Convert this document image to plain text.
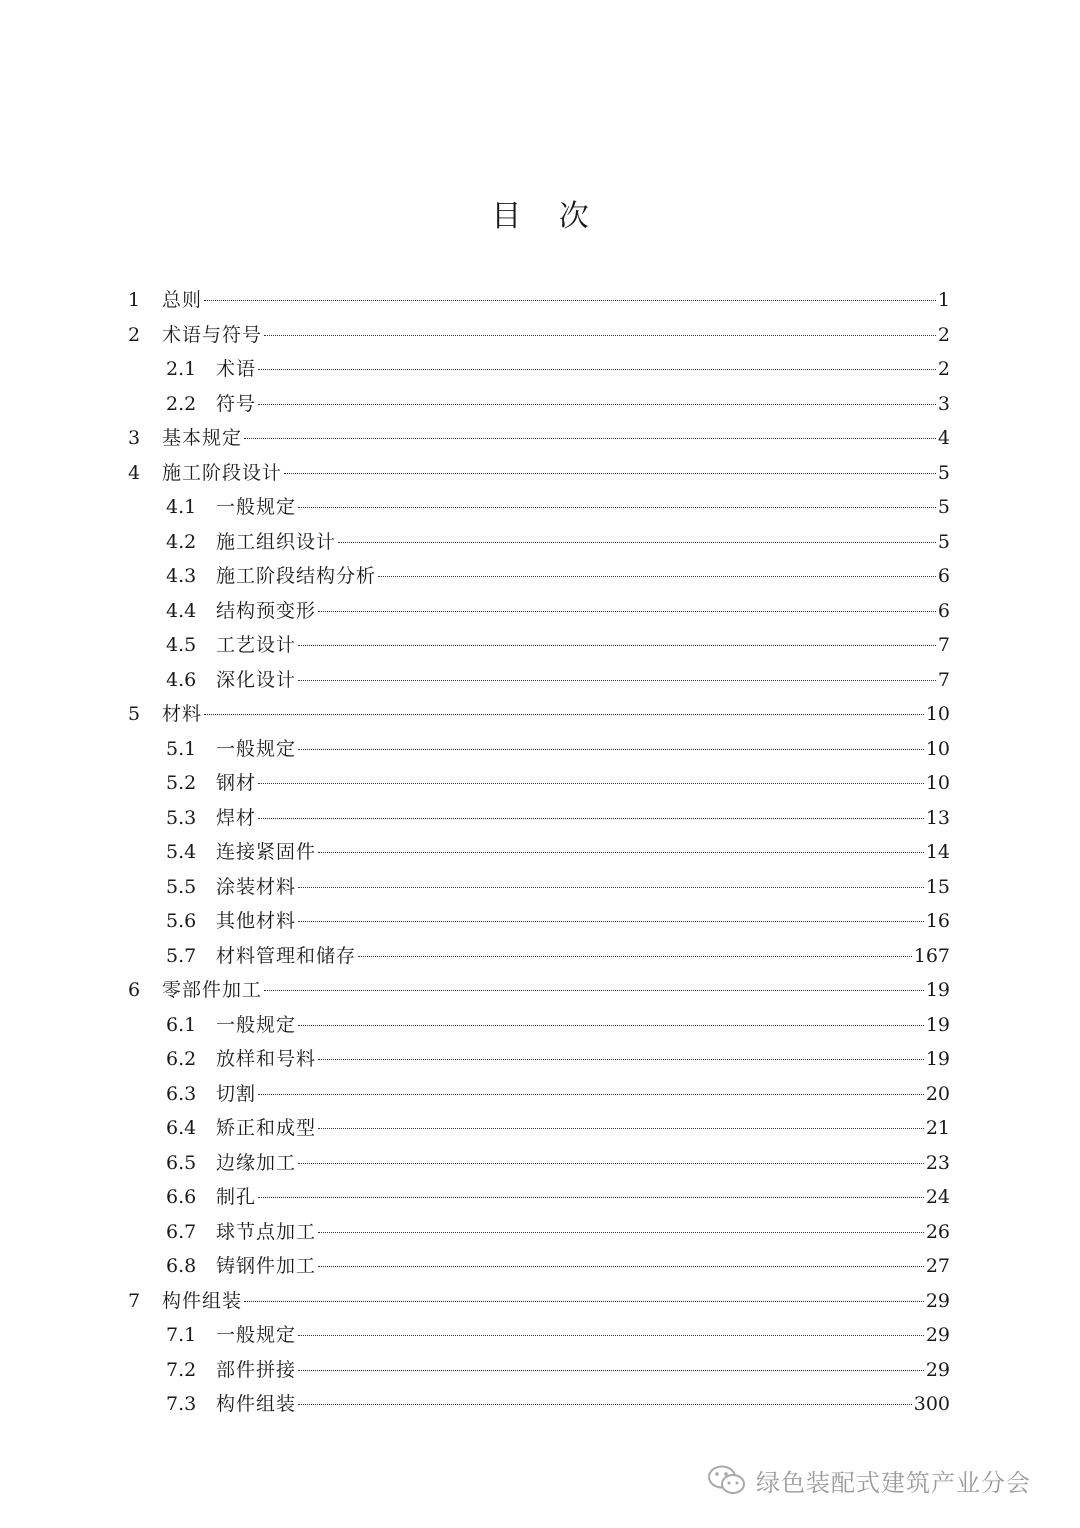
目 次
1 总则	1
2 术语与符号	2
2.1 术语	2
2.2 符号	3
3 基本规定	4
4 施工阶段设计	5
4.1 一般规定	5
4.2 施工组织设计	5
4.3 施工阶段结构分析	6
4.4 结构预变形	6
4.5 工艺设计	7
4.6 深化设计	7
5 材料	10
5.1 一般规定	10
5.2 钢材	10
5.3 焊材	13
5.4 连接紧固件	14
5.5 涂装材料	15
5.6 其他材料	16
5.7 材料管理和储存	167
6 零部件加工	19
6.1 一般规定	19
6.2 放样和号料	19
6.3 切割	20
6.4 矫正和成型	21
6.5 边缘加工	23
6.6 制孔	24
6.7 球节点加工	26
6.8 铸钢件加工	27
7 构件组装	29
7.1 一般规定	29
7.2 部件拼接	29
7.3 构件组装	300
绿色装配式建筑产业分会
